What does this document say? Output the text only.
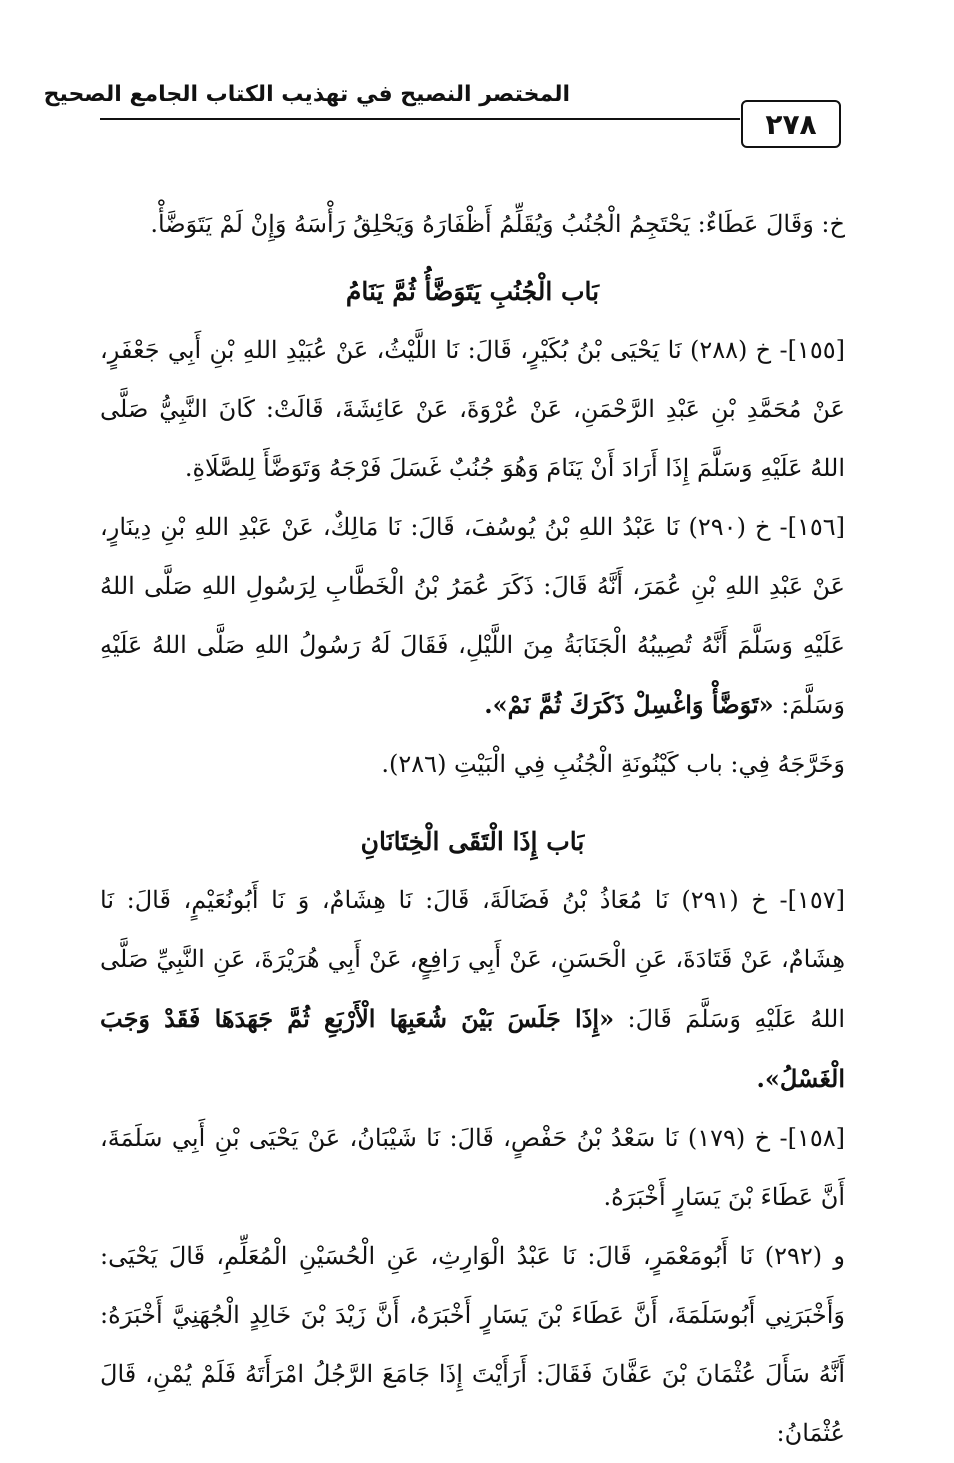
المختصر النصيح في تهذيب الكتاب الجامع الصحيح
٢٧٨

خ: وَقَالَ عَطَاءٌ: يَحْتَجِمُ الْجُنُبُ وَيُقَلِّمُ أَظْفَارَهُ وَيَحْلِقُ رَأْسَهُ وَإِنْ لَمْ يَتَوَضَّأْ.

بَاب الْجُنُبِ يَتَوَضَّأُ ثُمَّ يَنَامُ

[١٥٥]- خ (٢٨٨) نَا يَحْيَى بْنُ بُكَيْرٍ، قَالَ: نَا اللَّيْثُ، عَنْ عُبَيْدِ اللهِ بْنِ أَبِي جَعْفَرٍ، عَنْ مُحَمَّدِ بْنِ عَبْدِ الرَّحْمَنِ، عَنْ عُرْوَةَ، عَنْ عَائِشَةَ، قَالَتْ: كَانَ النَّبِيُّ صَلَّى اللهُ عَلَيْهِ وَسَلَّمَ إِذَا أَرَادَ أَنْ يَنَامَ وَهُوَ جُنُبٌ غَسَلَ فَرْجَهُ وَتَوَضَّأَ لِلصَّلَاةِ.

[١٥٦]- خ (٢٩٠) نَا عَبْدُ اللهِ بْنُ يُوسُفَ، قَالَ: نَا مَالِكٌ، عَنْ عَبْدِ اللهِ بْنِ دِينَارٍ، عَنْ عَبْدِ اللهِ بْنِ عُمَرَ، أَنَّهُ قَالَ: ذَكَرَ عُمَرُ بْنُ الْخَطَّابِ لِرَسُولِ اللهِ صَلَّى اللهُ عَلَيْهِ وَسَلَّمَ أَنَّهُ تُصِيبُهُ الْجَنَابَةُ مِنَ اللَّيْلِ، فَقَالَ لَهُ رَسُولُ اللهِ صَلَّى اللهُ عَلَيْهِ وَسَلَّمَ: «تَوَضَّأْ وَاغْسِلْ ذَكَرَكَ ثُمَّ نَمْ».

وَخَرَّجَهُ فِي: باب كَيْنُونَةِ الْجُنُبِ فِي الْبَيْتِ (٢٨٦).

بَاب إِذَا الْتَقَى الْخِتَانَانِ

[١٥٧]- خ (٢٩١) نَا مُعَاذُ بْنُ فَضَالَةَ، قَالَ: نَا هِشَامٌ، وَ نَا أَبُونُعَيْمٍ، قَالَ: نَا هِشَامٌ، عَنْ قَتَادَةَ، عَنِ الْحَسَنِ، عَنْ أَبِي رَافِعٍ، عَنْ أَبِي هُرَيْرَةَ، عَنِ النَّبِيِّ صَلَّى اللهُ عَلَيْهِ وَسَلَّمَ قَالَ: «إِذَا جَلَسَ بَيْنَ شُعَبِهَا الْأَرْبَعِ ثُمَّ جَهَدَهَا فَقَدْ وَجَبَ الْغَسْلُ».

[١٥٨]- خ (١٧٩) نَا سَعْدُ بْنُ حَفْصٍ، قَالَ: نَا شَيْبَانُ، عَنْ يَحْيَى بْنِ أَبِي سَلَمَةَ، أَنَّ عَطَاءَ بْنَ يَسَارٍ أَخْبَرَهُ.

و (٢٩٢) نَا أَبُومَعْمَرٍ، قَالَ: نَا عَبْدُ الْوَارِثِ، عَنِ الْحُسَيْنِ الْمُعَلِّمِ، قَالَ يَحْيَى: وَأَخْبَرَنِي أَبُوسَلَمَةَ، أَنَّ عَطَاءَ بْنَ يَسَارٍ أَخْبَرَهُ، أَنَّ زَيْدَ بْنَ خَالِدٍ الْجُهَنِيَّ أَخْبَرَهُ: أَنَّهُ سَأَلَ عُثْمَانَ بْنَ عَفَّانَ فَقَالَ: أَرَأَيْتَ إِذَا جَامَعَ الرَّجُلُ امْرَأَتَهُ فَلَمْ يُمْنِ، قَالَ عُثْمَانُ:
